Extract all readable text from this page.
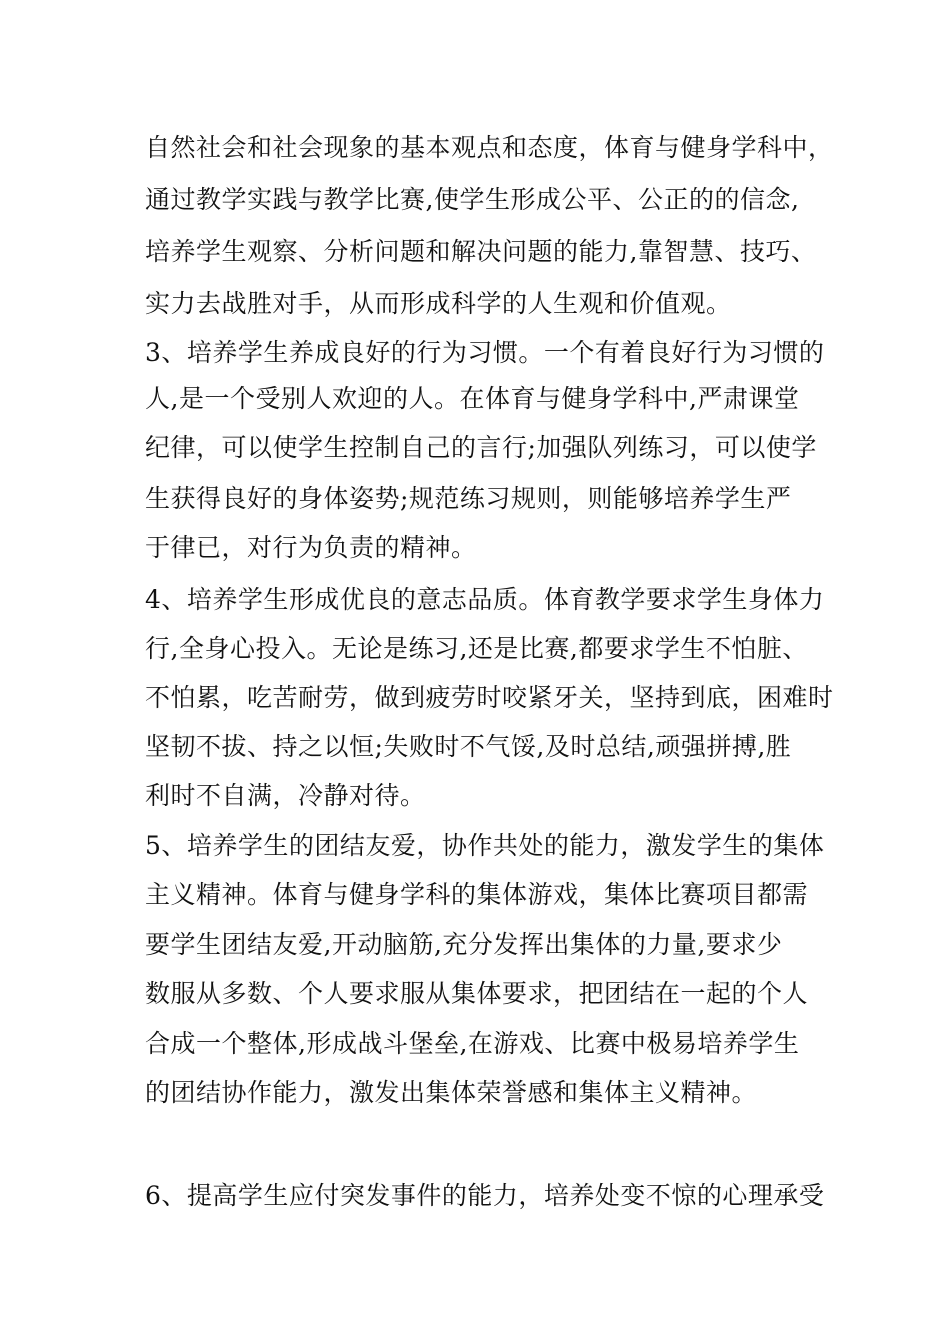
自然社会和社会现象的基本观点和态度，体育与健身学科中，
通过教学实践与教学比赛,使学生形成公平、公正的的信念,
培养学生观察、分析问题和解决问题的能力,靠智慧、技巧、
实力去战胜对手，从而形成科学的人生观和价值观。
3、培养学生养成良好的行为习惯。一个有着良好行为习惯的
人,是一个受别人欢迎的人。在体育与健身学科中,严肃课堂
纪律，可以使学生控制自己的言行;加强队列练习，可以使学
生获得良好的身体姿势;规范练习规则，则能够培养学生严
于律已，对行为负责的精神。
4、培养学生形成优良的意志品质。体育教学要求学生身体力
行,全身心投入。无论是练习,还是比赛,都要求学生不怕脏、
不怕累，吃苦耐劳，做到疲劳时咬紧牙关，坚持到底，困难时
坚韧不拔、持之以恒;失败时不气馁,及时总结,顽强拼搏,胜
利时不自满，冷静对待。
5、培养学生的团结友爱，协作共处的能力，激发学生的集体
主义精神。体育与健身学科的集体游戏，集体比赛项目都需
要学生团结友爱,开动脑筋,充分发挥出集体的力量,要求少
数服从多数、个人要求服从集体要求，把团结在一起的个人
合成一个整体,形成战斗堡垒,在游戏、比赛中极易培养学生
的团结协作能力，激发出集体荣誉感和集体主义精神。
6、提高学生应付突发事件的能力，培养处变不惊的心理承受
